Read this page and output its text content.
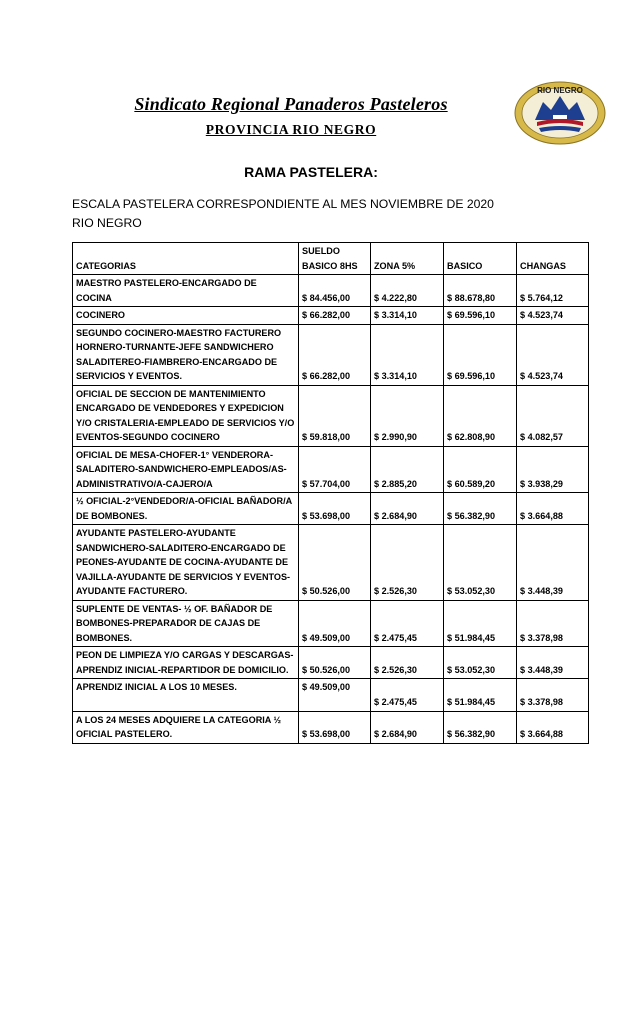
Sindicato Regional Panaderos Pasteleros
PROVINCIA RIO NEGRO
RIO NEGRO
RAMA PASTELERA:
ESCALA PASTELERA CORRESPONDIENTE AL MES NOVIEMBRE DE 2020 RIO NEGRO
CATEGORIAS	SUELDO BASICO 8HS	ZONA 5%	BASICO	CHANGAS
MAESTRO PASTELERO-ENCARGADO DE COCINA	$ 84.456,00	$ 4.222,80	$ 88.678,80	$ 5.764,12
COCINERO	$ 66.282,00	$ 3.314,10	$ 69.596,10	$ 4.523,74
SEGUNDO COCINERO-MAESTRO FACTURERO HORNERO-TURNANTE-JEFE SANDWICHERO SALADITEREO-FIAMBRERO-ENCARGADO DE SERVICIOS Y EVENTOS.	$ 66.282,00	$ 3.314,10	$ 69.596,10	$ 4.523,74
OFICIAL DE SECCION DE MANTENIMIENTO ENCARGADO DE VENDEDORES Y EXPEDICION Y/O CRISTALERIA-EMPLEADO DE SERVICIOS Y/O EVENTOS-SEGUNDO COCINERO	$ 59.818,00	$ 2.990,90	$ 62.808,90	$ 4.082,57
OFICIAL DE MESA-CHOFER-1° VENDERORA-SALADITERO-SANDWICHERO-EMPLEADOS/AS-ADMINISTRATIVO/A-CAJERO/A	$ 57.704,00	$ 2.885,20	$ 60.589,20	$ 3.938,29
½ OFICIAL-2°VENDEDOR/A-OFICIAL BAÑADOR/A DE BOMBONES.	$ 53.698,00	$ 2.684,90	$ 56.382,90	$ 3.664,88
AYUDANTE PASTELERO-AYUDANTE SANDWICHERO-SALADITERO-ENCARGADO DE PEONES-AYUDANTE DE COCINA-AYUDANTE DE VAJILLA-AYUDANTE DE SERVICIOS Y EVENTOS-AYUDANTE FACTURERO.	$ 50.526,00	$ 2.526,30	$ 53.052,30	$ 3.448,39
SUPLENTE DE VENTAS- ½ OF. BAÑADOR DE BOMBONES-PREPARADOR DE CAJAS DE BOMBONES.	$ 49.509,00	$ 2.475,45	$ 51.984,45	$ 3.378,98
PEON DE LIMPIEZA Y/O CARGAS Y DESCARGAS-APRENDIZ INICIAL-REPARTIDOR DE DOMICILIO.	$ 50.526,00	$ 2.526,30	$ 53.052,30	$ 3.448,39
APRENDIZ INICIAL A LOS 10 MESES.	$ 49.509,00	$ 2.475,45	$ 51.984,45	$ 3.378,98
A LOS 24 MESES ADQUIERE LA CATEGORIA ½ OFICIAL PASTELERO.	$ 53.698,00	$ 2.684,90	$ 56.382,90	$ 3.664,88
